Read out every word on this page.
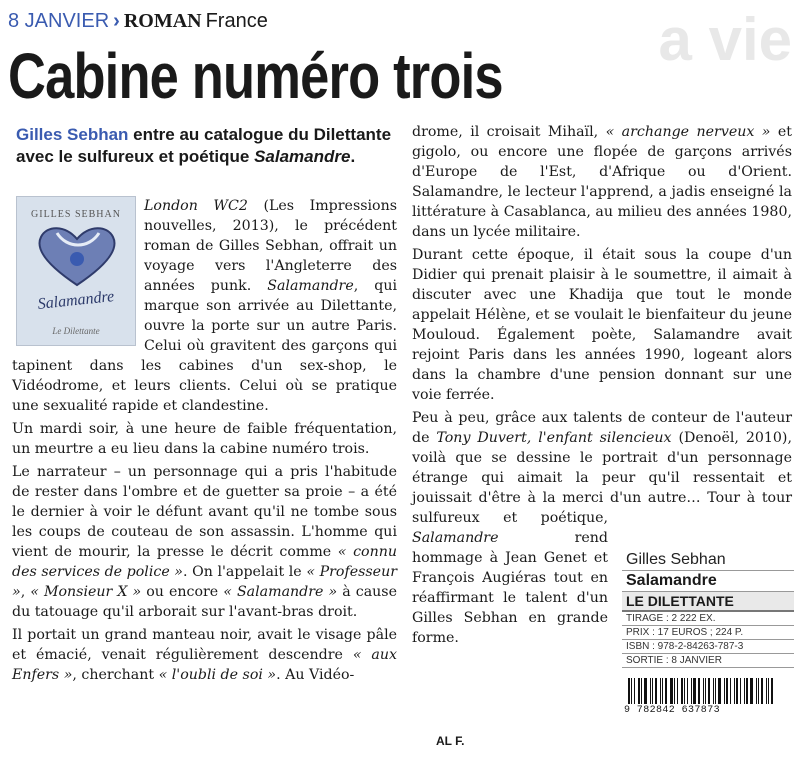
a vie
8 JANVIER › ROMAN France
Cabine numéro trois
Gilles Sebhan entre au catalogue du Dilettante avec le sulfureux et poétique Salamandre.
GILLES SEBHAN
Salamandre
Le Dilettante

London WC2 (Les Impressions nouvelles, 2013), le précédent roman de Gilles Sebhan, offrait un voyage vers l'Angleterre des années punk. Salamandre, qui marque son arrivée au Dilettante, ouvre la porte sur un autre Paris. Celui où gravitent des garçons qui tapinent dans les cabines d'un sex-shop, le Vidéodrome, et leurs clients. Celui où se pratique une sexualité rapide et clandestine.

Un mardi soir, à une heure de faible fréquentation, un meurtre a eu lieu dans la cabine numéro trois.

Le narrateur – un personnage qui a pris l'habitude de rester dans l'ombre et de guetter sa proie – a été le dernier à voir le défunt avant qu'il ne tombe sous les coups de couteau de son assassin. L'homme qui vient de mourir, la presse le décrit comme « connu des services de police ». On l'appelait le « Professeur », « Monsieur X » ou encore « Salamandre » à cause du tatouage qu'il arborait sur l'avant-bras droit.

Il portait un grand manteau noir, avait le visage pâle et émacié, venait régulièrement descendre « aux Enfers », cherchant « l'oubli de soi ». Au Vidéo-

drome, il croisait Mihaïl, « archange nerveux » et gigolo, ou encore une flopée de garçons arrivés d'Europe de l'Est, d'Afrique ou d'Orient. Salamandre, le lecteur l'apprend, a jadis enseigné la littérature à Casablanca, au milieu des années 1980, dans un lycée militaire.

Durant cette époque, il était sous la coupe d'un Didier qui prenait plaisir à le soumettre, il aimait à discuter avec une Khadija que tout le monde appelait Hélène, et se voulait le bienfaiteur du jeune Mouloud. Également poète, Salamandre avait rejoint Paris dans les années 1990, logeant alors dans la chambre d'une pension donnant sur une voie ferrée.

Peu à peu, grâce aux talents de conteur de l'auteur de Tony Duvert, l'enfant silencieux (Denoël, 2010), voilà que se dessine le portrait d'un personnage étrange qui aimait la peur qu'il ressentait et jouissait d'être à la merci d'un autre… Tour à tour sulfureux et poétique,
Salamandre rend hommage à Jean Genet et François Augiéras tout en réaffirmant le talent d'un Gilles Sebhan en grande forme.

Gilles Sebhan
Salamandre
LE DILETTANTE
TIRAGE : 2 222 EX.
PRIX : 17 EUROS ; 224 P.
ISBN : 978-2-84263-787-3
SORTIE : 8 JANVIER
9 782842 637873
AL F.
